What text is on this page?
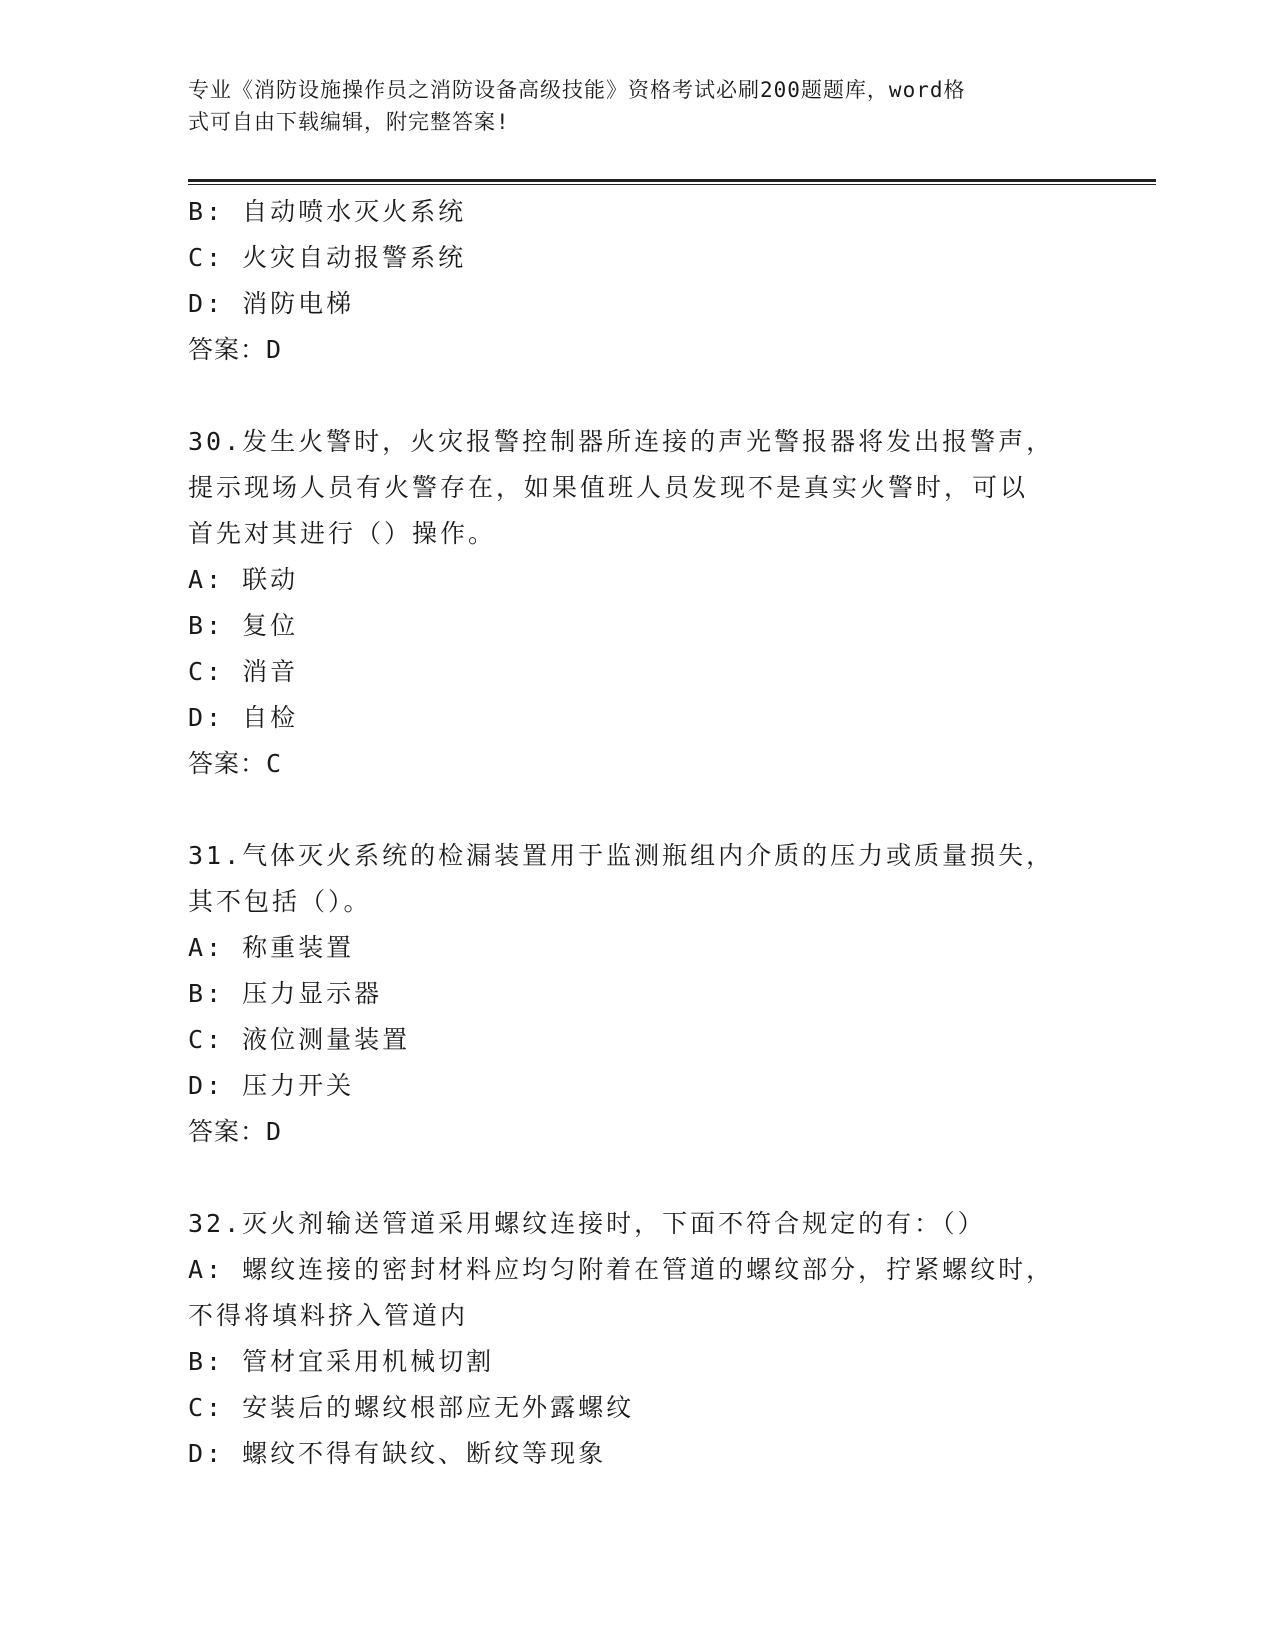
专业《消防设施操作员之消防设备高级技能》资格考试必刷200题题库，word格
式可自由下载编辑，附完整答案!
B: 自动喷水灭火系统
C: 火灾自动报警系统
D: 消防电梯
答案：D
30.发生火警时，火灾报警控制器所连接的声光警报器将发出报警声，
提示现场人员有火警存在，如果值班人员发现不是真实火警时，可以
首先对其进行（）操作。
A: 联动
B: 复位
C: 消音
D: 自检
答案：C
31.气体灭火系统的检漏装置用于监测瓶组内介质的压力或质量损失，
其不包括（）。
A: 称重装置
B: 压力显示器
C: 液位测量装置
D: 压力开关
答案：D
32.灭火剂输送管道采用螺纹连接时，下面不符合规定的有：（）
A: 螺纹连接的密封材料应均匀附着在管道的螺纹部分，拧紧螺纹时，
不得将填料挤入管道内
B: 管材宜采用机械切割
C: 安装后的螺纹根部应无外露螺纹
D: 螺纹不得有缺纹、断纹等现象
